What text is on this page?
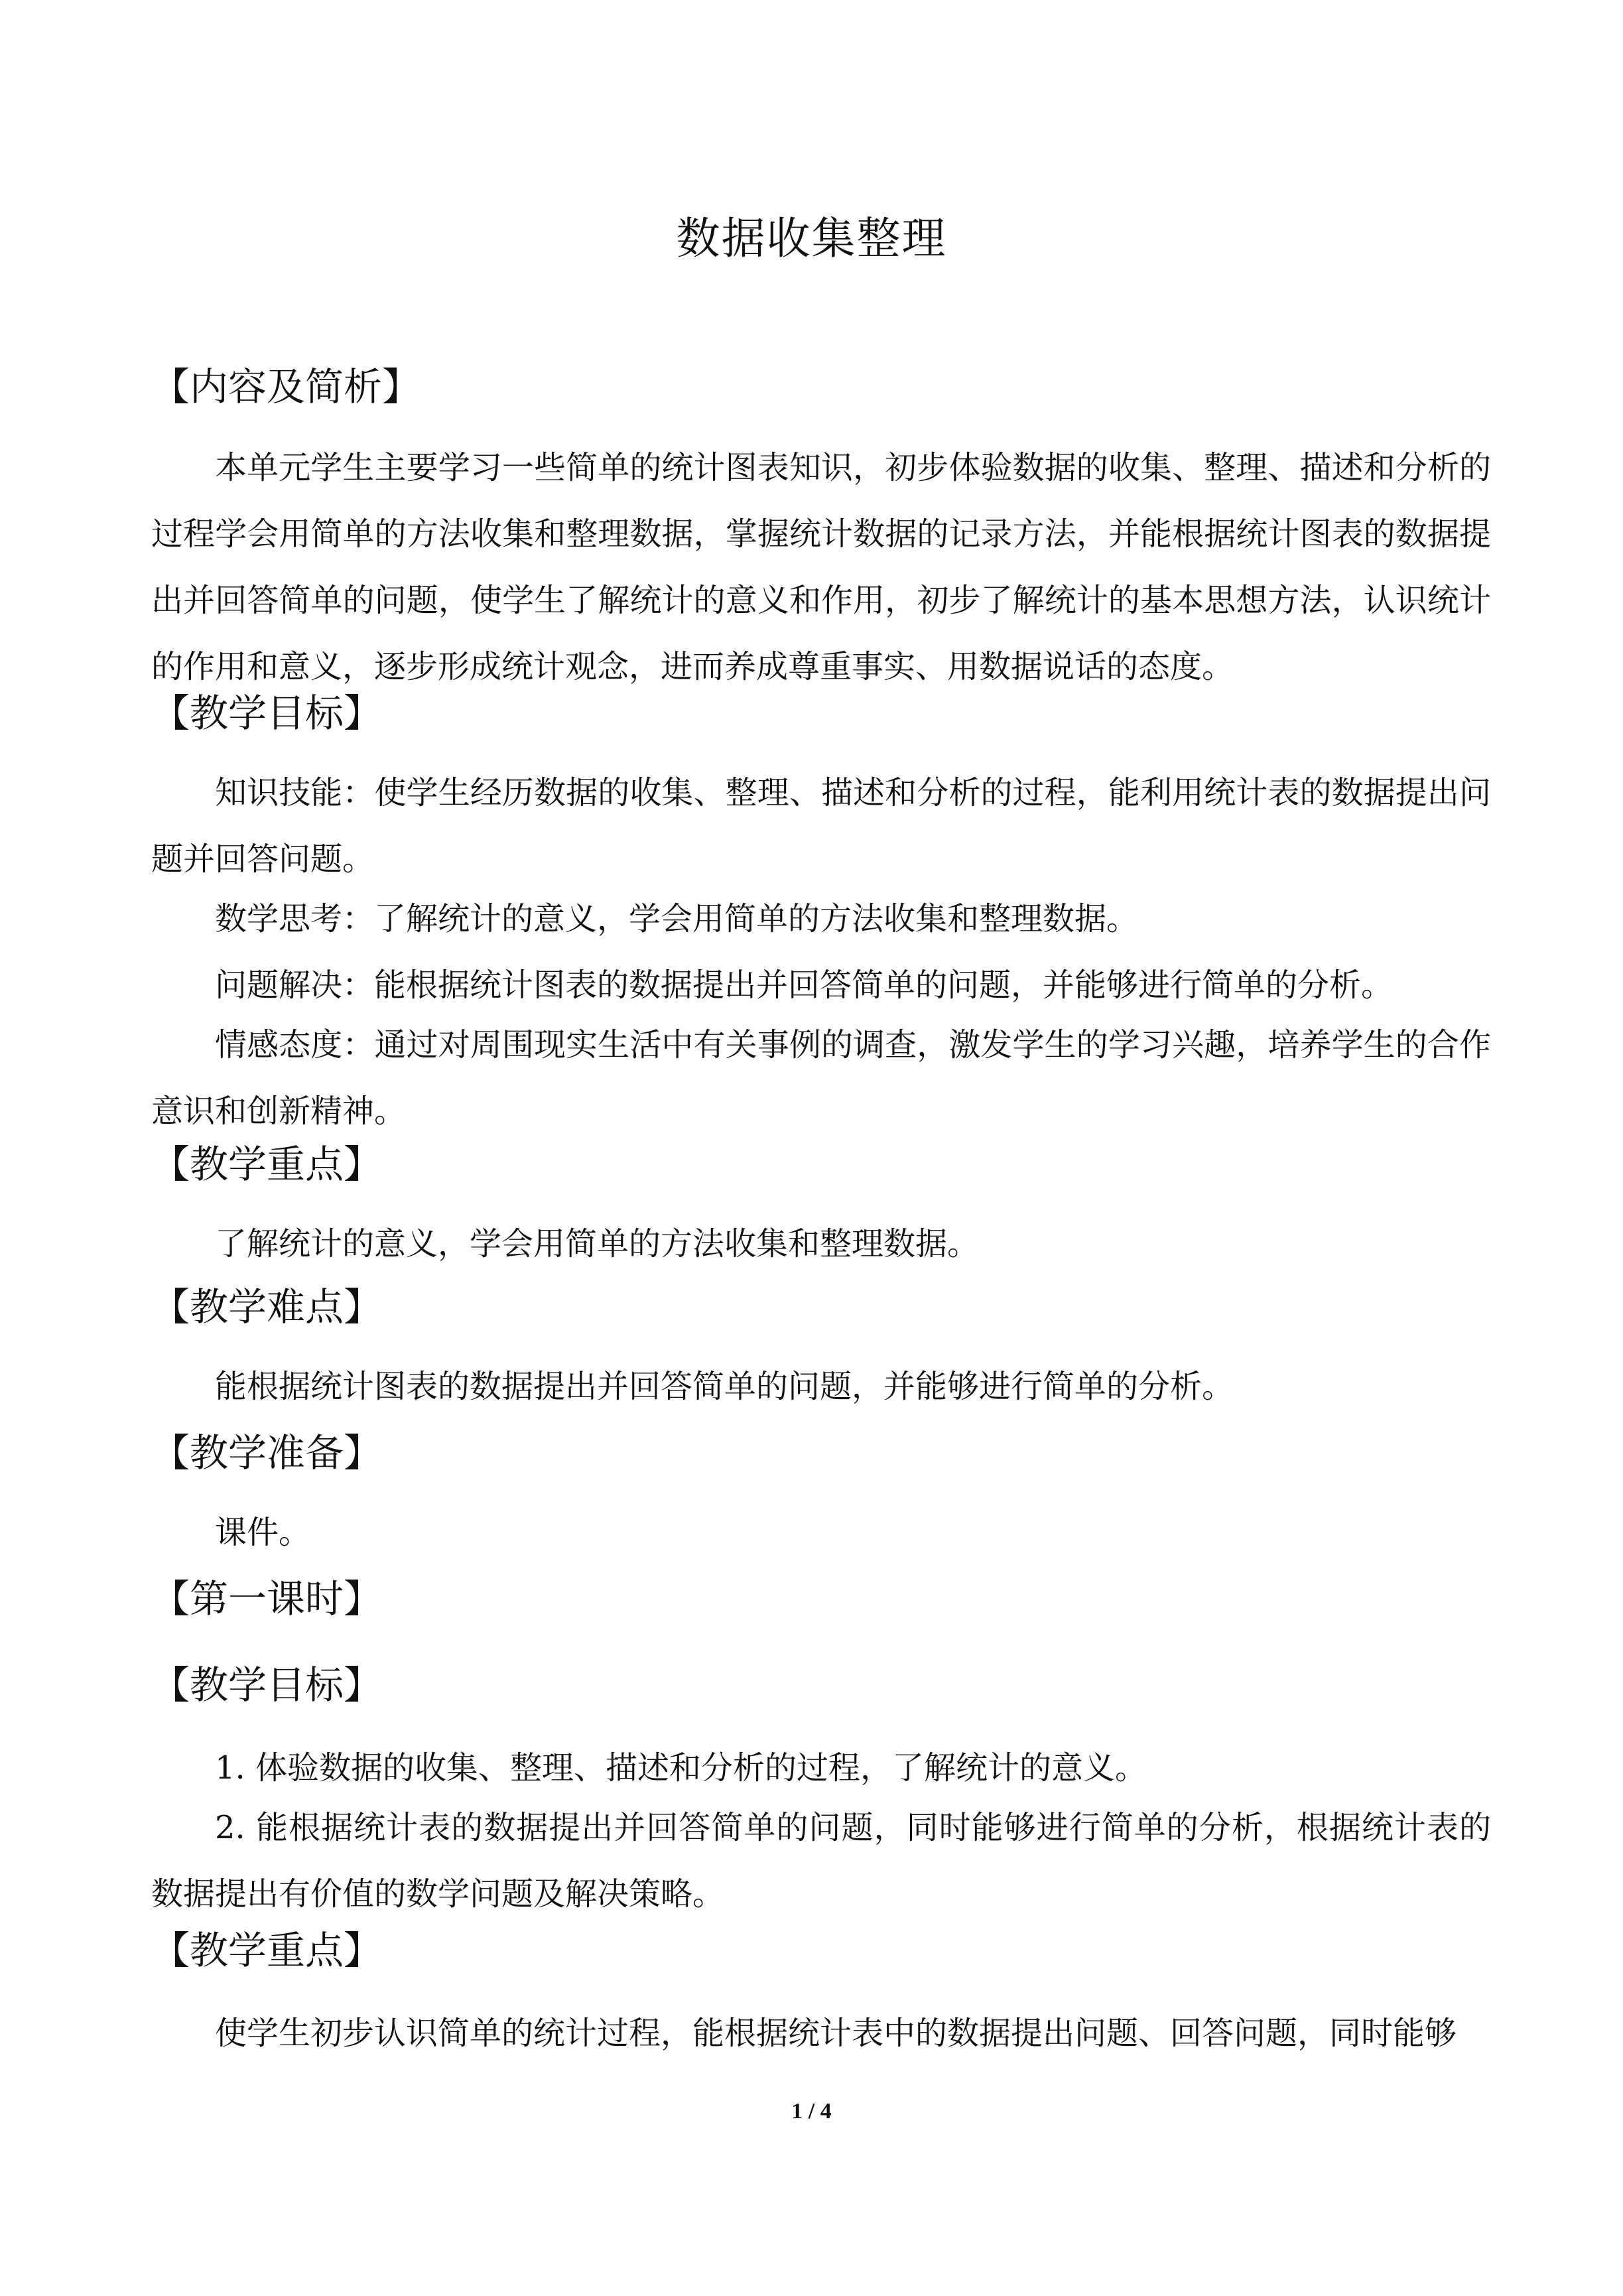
数据收集整理
【内容及简析】

本单元学生主要学习一些简单的统计图表知识，初步体验数据的收集、整理、描述和分析的过程学会用简单的方法收集和整理数据，掌握统计数据的记录方法，并能根据统计图表的数据提出并回答简单的问题，使学生了解统计的意义和作用，初步了解统计的基本思想方法，认识统计的作用和意义，逐步形成统计观念，进而养成尊重事实、用数据说话的态度。

【教学目标】

知识技能：使学生经历数据的收集、整理、描述和分析的过程，能利用统计表的数据提出问题并回答问题。

数学思考：了解统计的意义，学会用简单的方法收集和整理数据。

问题解决：能根据统计图表的数据提出并回答简单的问题，并能够进行简单的分析。

情感态度：通过对周围现实生活中有关事例的调查，激发学生的学习兴趣，培养学生的合作意识和创新精神。

【教学重点】

了解统计的意义，学会用简单的方法收集和整理数据。

【教学难点】

能根据统计图表的数据提出并回答简单的问题，并能够进行简单的分析。

【教学准备】

课件。

【第一课时】
【教学目标】

1. 体验数据的收集、整理、描述和分析的过程，了解统计的意义。

2. 能根据统计表的数据提出并回答简单的问题，同时能够进行简单的分析，根据统计表的数据提出有价值的数学问题及解决策略。

【教学重点】

使学生初步认识简单的统计过程，能根据统计表中的数据提出问题、回答问题，同时能够

1 / 4
